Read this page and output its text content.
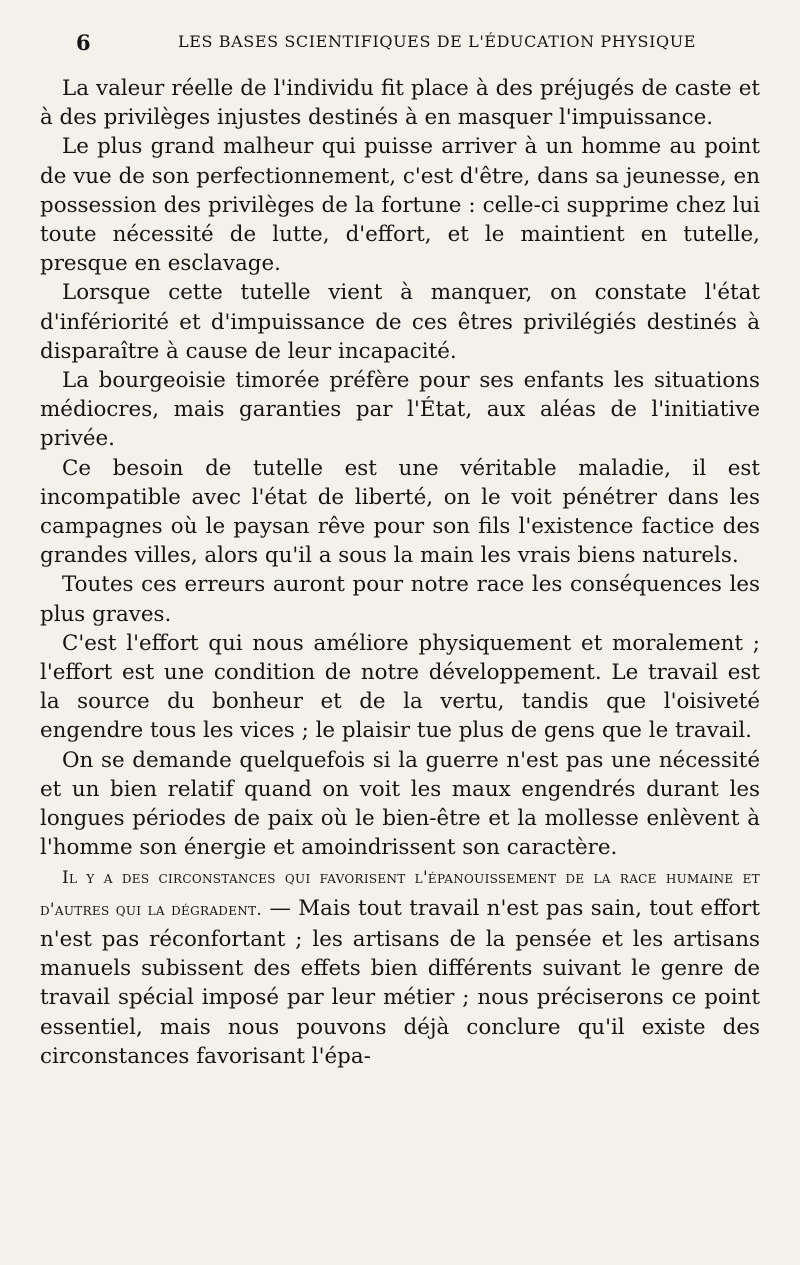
6	LES BASES SCIENTIFIQUES DE L'ÉDUCATION PHYSIQUE

La valeur réelle de l'individu fit place à des préjugés de caste et à des privilèges injustes destinés à en masquer l'impuissance.

Le plus grand malheur qui puisse arriver à un homme au point de vue de son perfectionnement, c'est d'être, dans sa jeunesse, en possession des privilèges de la fortune : celle-ci supprime chez lui toute nécessité de lutte, d'effort, et le maintient en tutelle, presque en esclavage.

Lorsque cette tutelle vient à manquer, on constate l'état d'infériorité et d'impuissance de ces êtres privilégiés destinés à disparaître à cause de leur incapacité.

La bourgeoisie timorée préfère pour ses enfants les situations médiocres, mais garanties par l'État, aux aléas de l'initiative privée.

Ce besoin de tutelle est une véritable maladie, il est incompatible avec l'état de liberté, on le voit pénétrer dans les campagnes où le paysan rêve pour son fils l'existence factice des grandes villes, alors qu'il a sous la main les vrais biens naturels.

Toutes ces erreurs auront pour notre race les conséquences les plus graves.

C'est l'effort qui nous améliore physiquement et moralement ; l'effort est une condition de notre développement. Le travail est la source du bonheur et de la vertu, tandis que l'oisiveté engendre tous les vices ; le plaisir tue plus de gens que le travail.

On se demande quelquefois si la guerre n'est pas une nécessité et un bien relatif quand on voit les maux engendrés durant les longues périodes de paix où le bien-être et la mollesse enlèvent à l'homme son énergie et amoindrissent son caractère.

Il y a des circonstances qui favorisent l'épanouissement de la race humaine et d'autres qui la dégradent. — Mais tout travail n'est pas sain, tout effort n'est pas réconfortant ; les artisans de la pensée et les artisans manuels subissent des effets bien différents suivant le genre de travail spécial imposé par leur métier ; nous préciserons ce point essentiel, mais nous pouvons déjà conclure qu'il existe des circonstances favorisant l'épa-
